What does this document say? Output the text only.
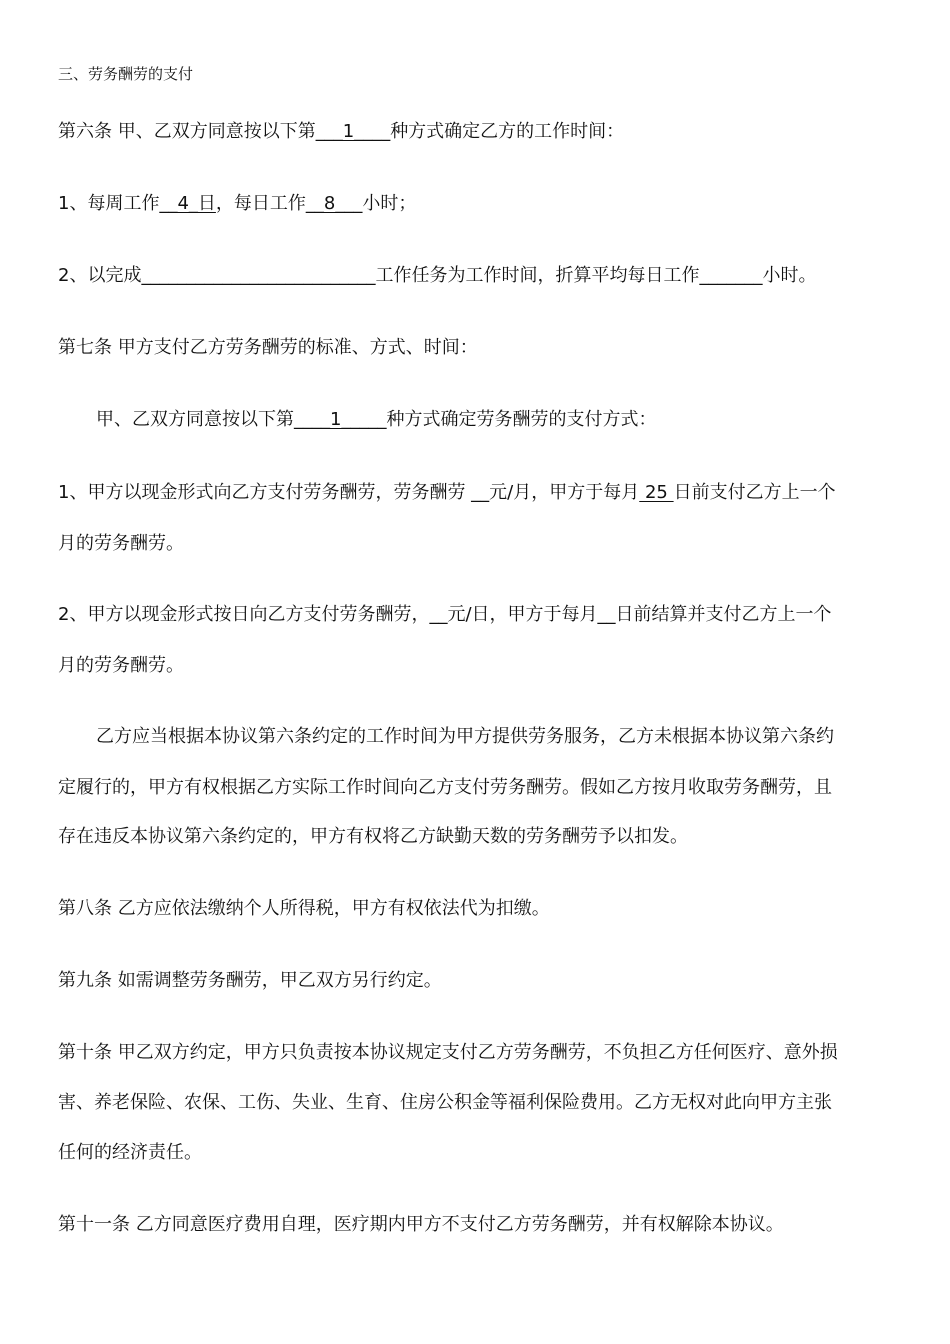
三、劳务酬劳的支付
第六条 甲、乙双方同意按以下第___1____种方式确定乙方的工作时间：
1、每周工作__4_日，每日工作__8___小时；
2、以完成__________________________工作任务为工作时间，折算平均每日工作_______小时。
第七条 甲方支付乙方劳务酬劳的标准、方式、时间：
甲、乙双方同意按以下第____1_____种方式确定劳务酬劳的支付方式：
1、甲方以现金形式向乙方支付劳务酬劳，劳务酬劳 __元/月，甲方于每月 25 日前支付乙方上一个
月的劳务酬劳。
2、甲方以现金形式按日向乙方支付劳务酬劳，__元/日，甲方于每月__日前结算并支付乙方上一个
月的劳务酬劳。
乙方应当根据本协议第六条约定的工作时间为甲方提供劳务服务，乙方未根据本协议第六条约
定履行的，甲方有权根据乙方实际工作时间向乙方支付劳务酬劳。假如乙方按月收取劳务酬劳，且
存在违反本协议第六条约定的，甲方有权将乙方缺勤天数的劳务酬劳予以扣发。
第八条 乙方应依法缴纳个人所得税，甲方有权依法代为扣缴。
第九条 如需调整劳务酬劳，甲乙双方另行约定。
第十条 甲乙双方约定，甲方只负责按本协议规定支付乙方劳务酬劳，不负担乙方任何医疗、意外损
害、养老保险、农保、工伤、失业、生育、住房公积金等福利保险费用。乙方无权对此向甲方主张
任何的经济责任。
第十一条 乙方同意医疗费用自理，医疗期内甲方不支付乙方劳务酬劳，并有权解除本协议。
